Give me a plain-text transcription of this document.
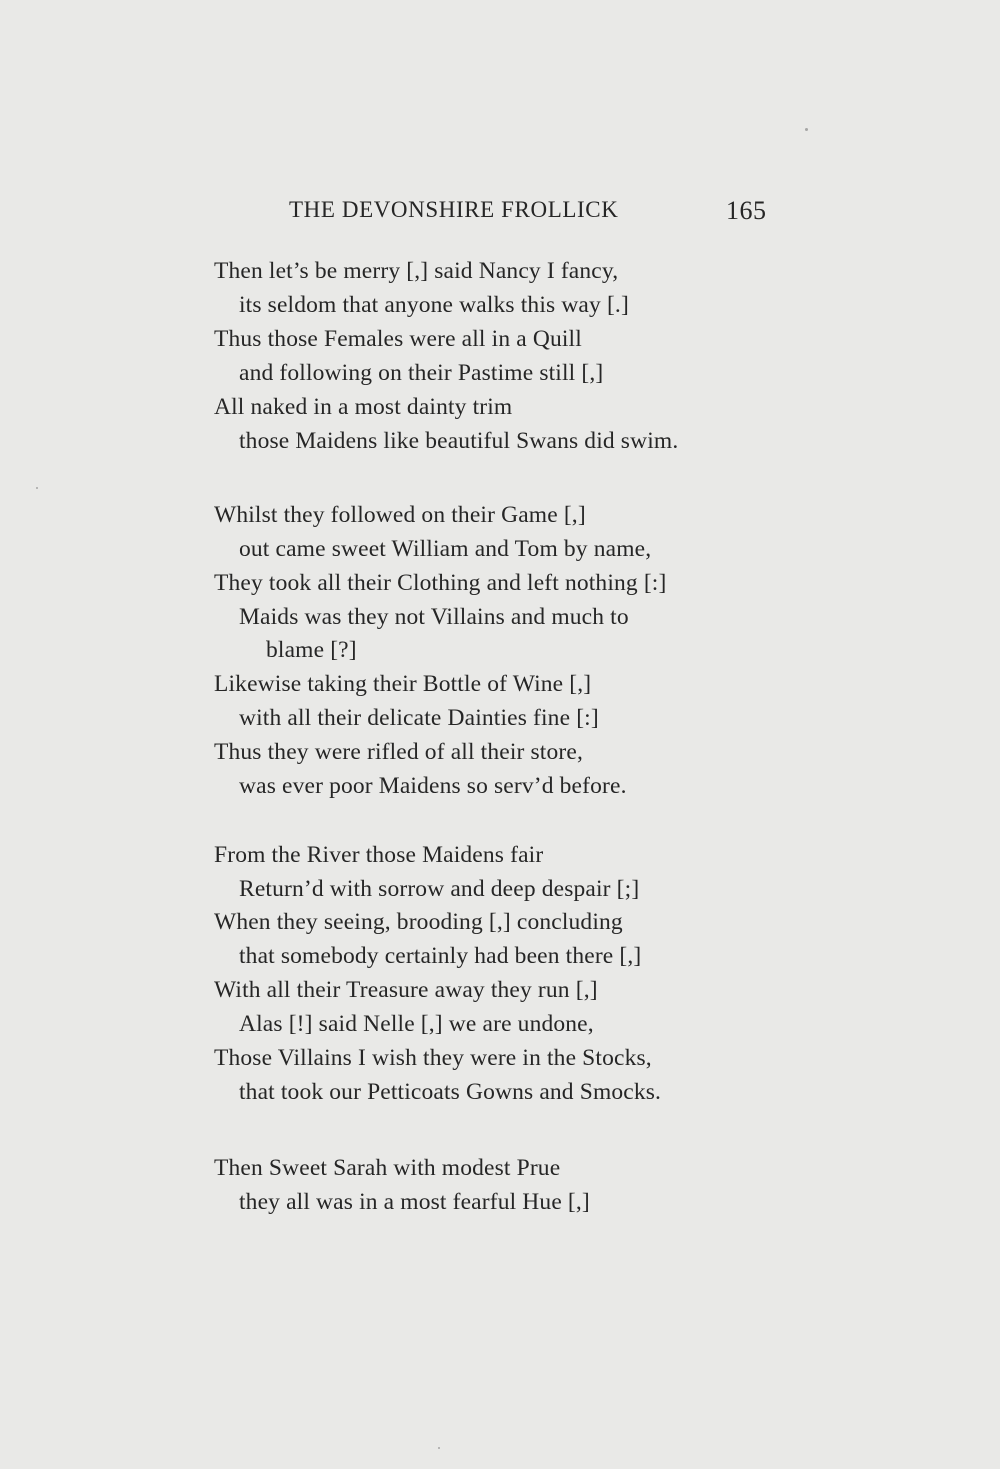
THE DEVONSHIRE FROLLICK	165
Then let’s be merry [,] said Nancy I fancy,
its seldom that anyone walks this way [.]
Thus those Females were all in a Quill
and following on their Pastime still [,]
All naked in a most dainty trim
those Maidens like beautiful Swans did swim.
Whilst they followed on their Game [,]
out came sweet William and Tom by name,
They took all their Clothing and left nothing [:]
Maids was they not Villains and much to
blame [?]
Likewise taking their Bottle of Wine [,]
with all their delicate Dainties fine [:]
Thus they were rifled of all their store,
was ever poor Maidens so serv’d before.
From the River those Maidens fair
Return’d with sorrow and deep despair [;]
When they seeing, brooding [,] concluding
that somebody certainly had been there [,]
With all their Treasure away they run [,]
Alas [!] said Nelle [,] we are undone,
Those Villains I wish they were in the Stocks,
that took our Petticoats Gowns and Smocks.
Then Sweet Sarah with modest Prue
they all was in a most fearful Hue [,]
